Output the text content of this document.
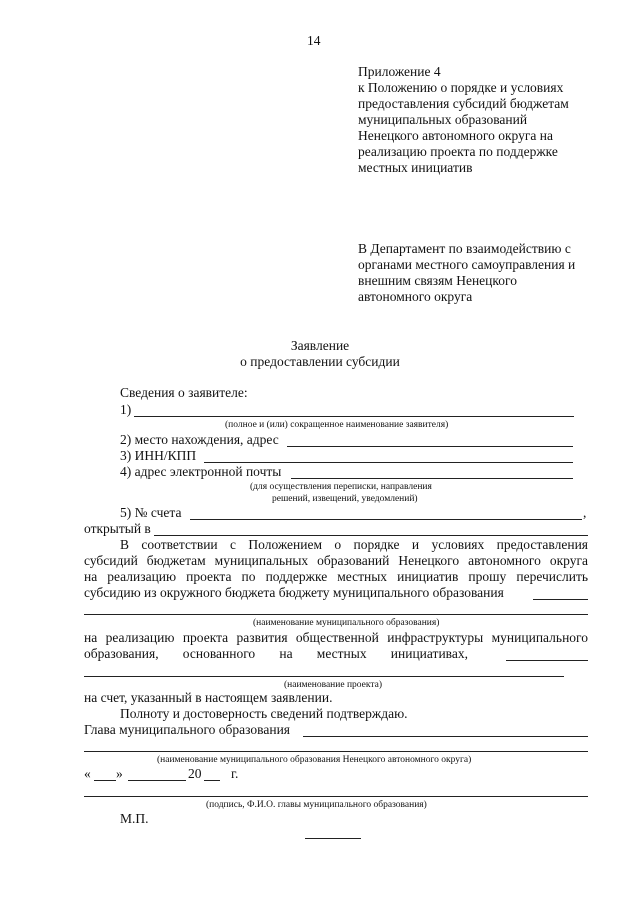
14
Приложение 4
к Положению о порядке и условиях
предоставления субсидий бюджетам
муниципальных образований
Ненецкого автономного округа на
реализацию проекта по поддержке
местных инициатив
В Департамент по взаимодействию с
органами местного самоуправления и
внешним связям Ненецкого
автономного округа
Заявление
о предоставлении субсидии
Сведения о заявителе:
1)
(полное и (или) сокращенное наименование заявителя)
2) место нахождения, адрес
3) ИНН/КПП
4) адрес электронной почты
(для осуществления переписки, направления
решений, извещений, уведомлений)
5) № счета	,
открытый в
В соответствии с Положением о порядке и условиях предоставления
субсидий бюджетам муниципальных образований Ненецкого автономного округа
на реализацию проекта по поддержке местных инициатив прошу перечислить
субсидию из окружного бюджета бюджету муниципального образования
(наименование муниципального образования)
на реализацию проекта развития общественной инфраструктуры муниципального
образования, основанного на местных инициативах,
(наименование проекта)
на счет, указанный в настоящем заявлении.
Полноту и достоверность сведений подтверждаю.
Глава муниципального образования
(наименование муниципального образования Ненецкого автономного округа)
« »	20 г.
(подпись, Ф.И.О. главы муниципального образования)
М.П.
